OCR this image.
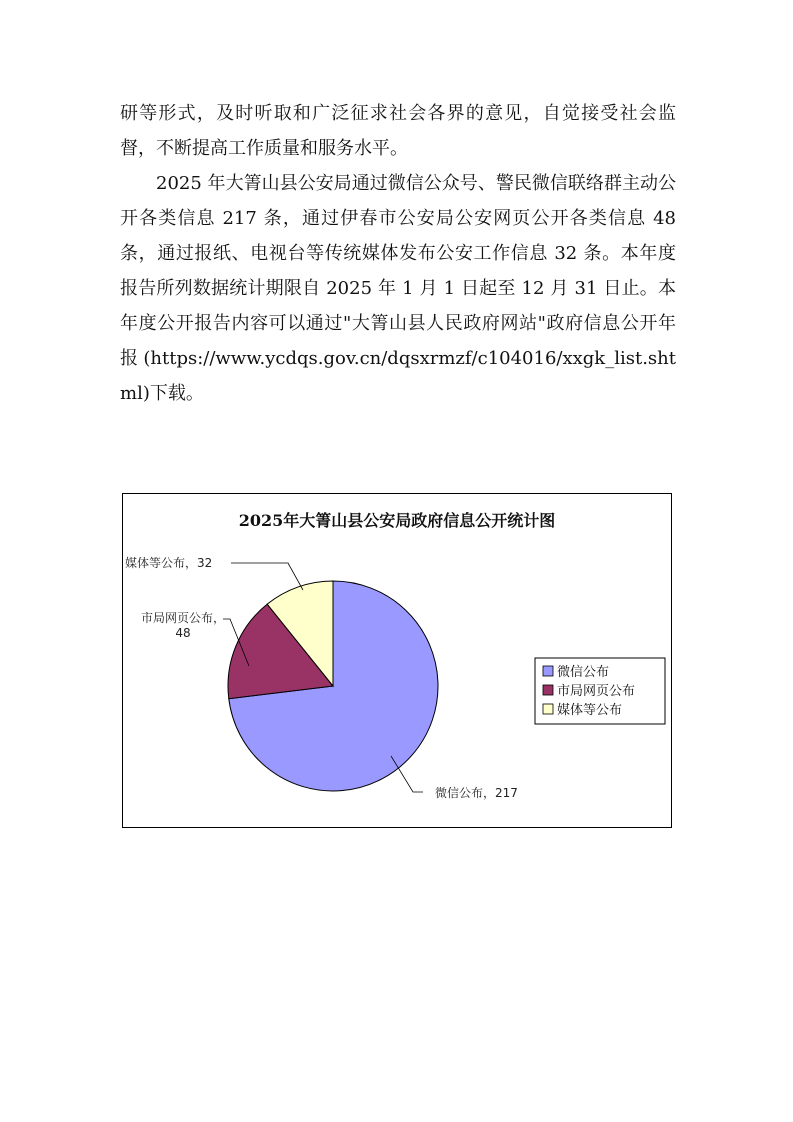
研等形式，及时听取和广泛征求社会各界的意见，自觉接受社会监督，不断提高工作质量和服务水平。

2025 年大箐山县公安局通过微信公众号、警民微信联络群主动公开各类信息 217 条，通过伊春市公安局公安网页公开各类信息 48 条，通过报纸、电视台等传统媒体发布公安工作信息 32 条。本年度报告所列数据统计期限自 2025 年 1 月 1 日起至 12 月 31 日止。本年度公开报告内容可以通过"大箐山县人民政府网站"政府信息公开年报(https://www.ycdqs.gov.cn/dqsxrmzf/c104016/xxgk_list.shtml)下载。

2025年大箐山县公安局政府信息公开统计图
微信公布，217
市局网页公布， 48
媒体等公布，32
微信公布
市局网页公布
媒体等公布
